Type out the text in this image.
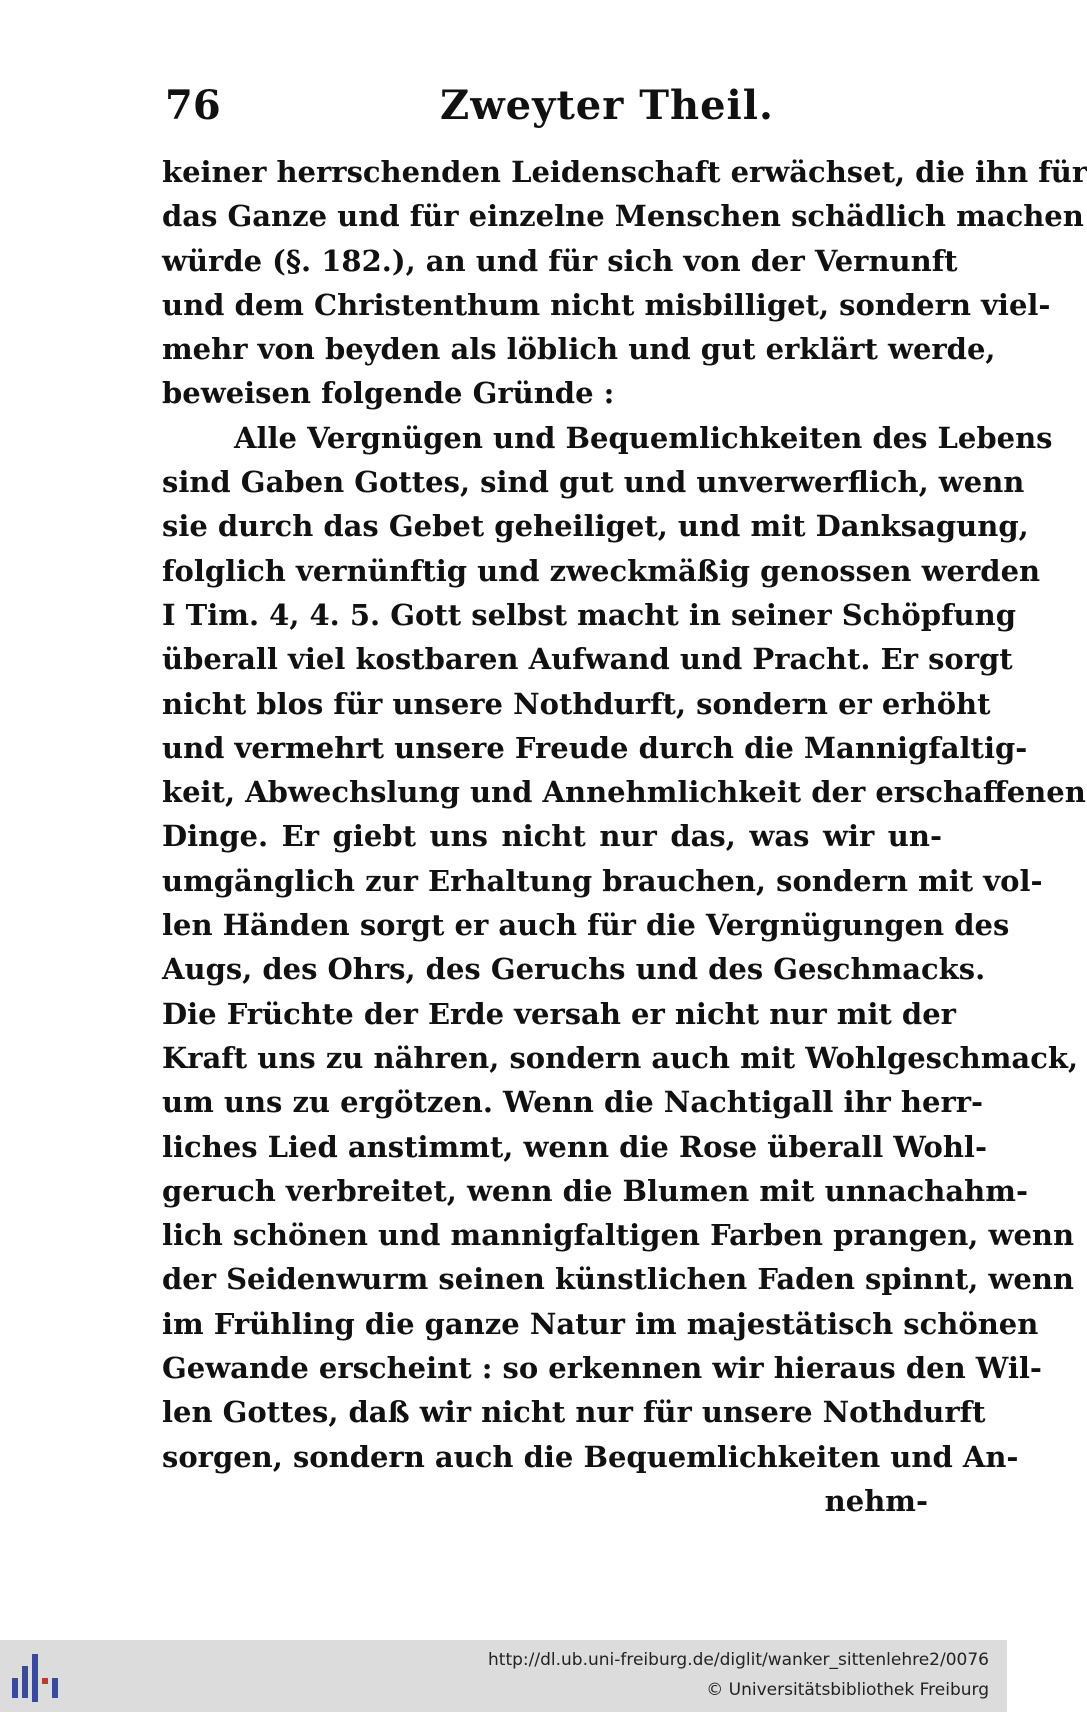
76	Zweyter Theil.
keiner herrschenden Leidenschaft erwächset, die ihn für
das Ganze und für einzelne Menschen schädlich machen
würde (§. 182.), an und für sich von der Vernunft
und dem Christenthum nicht misbilliget, sondern viel-
mehr von beyden als löblich und gut erklärt werde,
beweisen folgende Gründe :
Alle Vergnügen und Bequemlichkeiten des Lebens
sind Gaben Gottes, sind gut und unverwerflich, wenn
sie durch das Gebet geheiliget, und mit Danksagung,
folglich vernünftig und zweckmäßig genossen werden
I Tim. 4, 4. 5. Gott selbst macht in seiner Schöpfung
überall viel kostbaren Aufwand und Pracht. Er sorgt
nicht blos für unsere Nothdurft, sondern er erhöht
und vermehrt unsere Freude durch die Mannigfaltig-
keit, Abwechslung und Annehmlichkeit der erschaffenen
Dinge. Er giebt uns nicht nur das, was wir un-
umgänglich zur Erhaltung brauchen, sondern mit vol-
len Händen sorgt er auch für die Vergnügungen des
Augs, des Ohrs, des Geruchs und des Geschmacks.
Die Früchte der Erde versah er nicht nur mit der
Kraft uns zu nähren, sondern auch mit Wohlgeschmack,
um uns zu ergötzen. Wenn die Nachtigall ihr herr-
liches Lied anstimmt, wenn die Rose überall Wohl-
geruch verbreitet, wenn die Blumen mit unnachahm-
lich schönen und mannigfaltigen Farben prangen, wenn
der Seidenwurm seinen künstlichen Faden spinnt, wenn
im Frühling die ganze Natur im majestätisch schönen
Gewande erscheint : so erkennen wir hieraus den Wil-
len Gottes, daß wir nicht nur für unsere Nothdurft
sorgen, sondern auch die Bequemlichkeiten und An-
nehm-
http://dl.ub.uni-freiburg.de/diglit/wanker_sittenlehre2/0076
© Universitätsbibliothek Freiburg
